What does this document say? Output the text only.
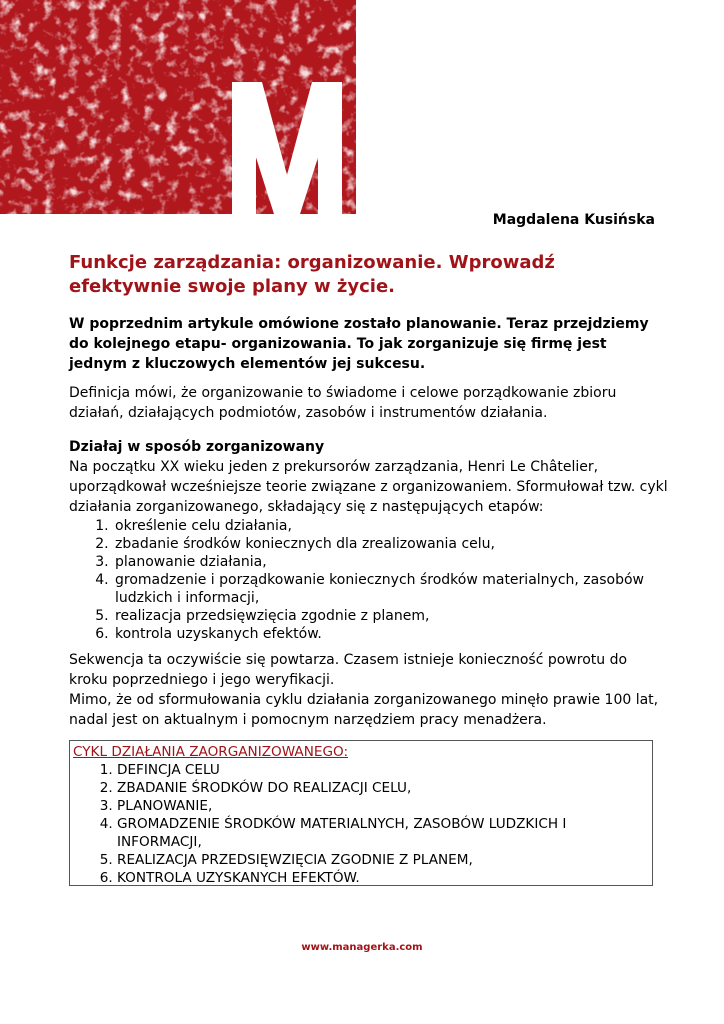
Magdalena Kusińska
Funkcje zarządzania: organizowanie. Wprowadź efektywnie swoje plany w życie.
W poprzednim artykule omówione zostało planowanie. Teraz przejdziemy do kolejnego etapu- organizowania. To jak zorganizuje się firmę jest jednym z kluczowych elementów jej sukcesu.
Definicja mówi, że organizowanie to świadome i celowe porządkowanie zbioru działań, działających podmiotów, zasobów i instrumentów działania.
Działaj w sposób zorganizowany
Na początku XX wieku jeden z prekursorów zarządzania, Henri Le Châtelier, uporządkował wcześniejsze teorie związane z organizowaniem. Sformułował tzw. cykl działania zorganizowanego, składający się z następujących etapów:
1. określenie celu działania,
2. zbadanie środków koniecznych dla zrealizowania celu,
3. planowanie działania,
4. gromadzenie i porządkowanie koniecznych środków materialnych, zasobów ludzkich i informacji,
5. realizacja przedsięwzięcia zgodnie z planem,
6. kontrola uzyskanych efektów.
Sekwencja ta oczywiście się powtarza. Czasem istnieje konieczność powrotu do kroku poprzedniego i jego weryfikacji.
Mimo, że od sformułowania cyklu działania zorganizowanego minęło prawie 100 lat, nadal jest on aktualnym i pomocnym narzędziem pracy menadżera.
CYKL DZIAŁANIA ZAORGANIZOWANEGO:
1. DEFINCJA CELU
2. ZBADANIE ŚRODKÓW DO REALIZACJI CELU,
3. PLANOWANIE,
4. GROMADZENIE ŚRODKÓW MATERIALNYCH, ZASOBÓW LUDZKICH I INFORMACJI,
5. REALIZACJA PRZEDSIĘWZIĘCIA ZGODNIE Z PLANEM,
6. KONTROLA UZYSKANYCH EFEKTÓW.
www.managerka.com
